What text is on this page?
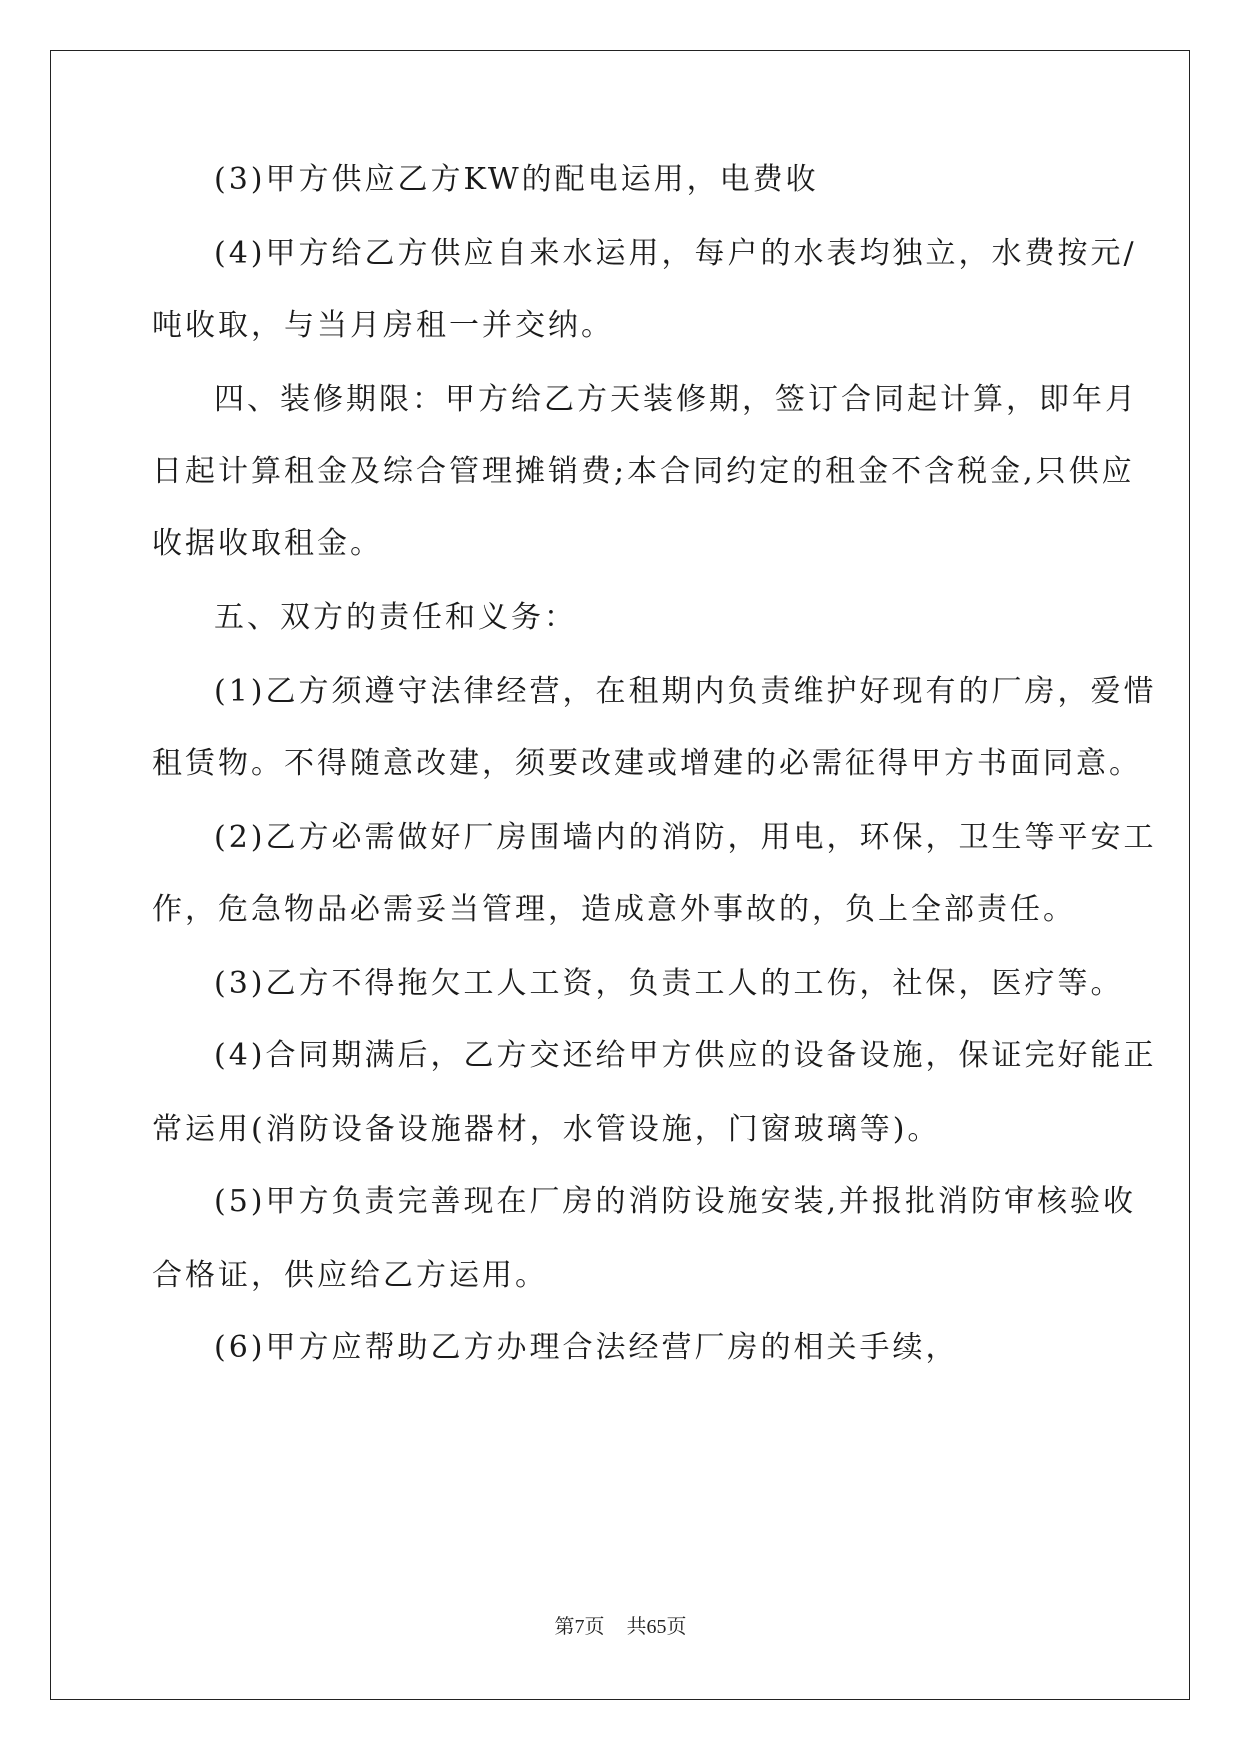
(3)甲方供应乙方KW的配电运用，电费收
(4)甲方给乙方供应自来水运用，每户的水表均独立，水费按元/
吨收取，与当月房租一并交纳。
四、装修期限：甲方给乙方天装修期，签订合同起计算，即年月
日起计算租金及综合管理摊销费;本合同约定的租金不含税金,只供应
收据收取租金。
五、双方的责任和义务：
(1)乙方须遵守法律经营，在租期内负责维护好现有的厂房，爱惜
租赁物。不得随意改建，须要改建或增建的必需征得甲方书面同意。
(2)乙方必需做好厂房围墙内的消防，用电，环保，卫生等平安工
作，危急物品必需妥当管理，造成意外事故的，负上全部责任。
(3)乙方不得拖欠工人工资，负责工人的工伤，社保，医疗等。
(4)合同期满后，乙方交还给甲方供应的设备设施，保证完好能正
常运用(消防设备设施器材，水管设施，门窗玻璃等)。
(5)甲方负责完善现在厂房的消防设施安装,并报批消防审核验收
合格证，供应给乙方运用。
(6)甲方应帮助乙方办理合法经营厂房的相关手续，
第7页 共65页
